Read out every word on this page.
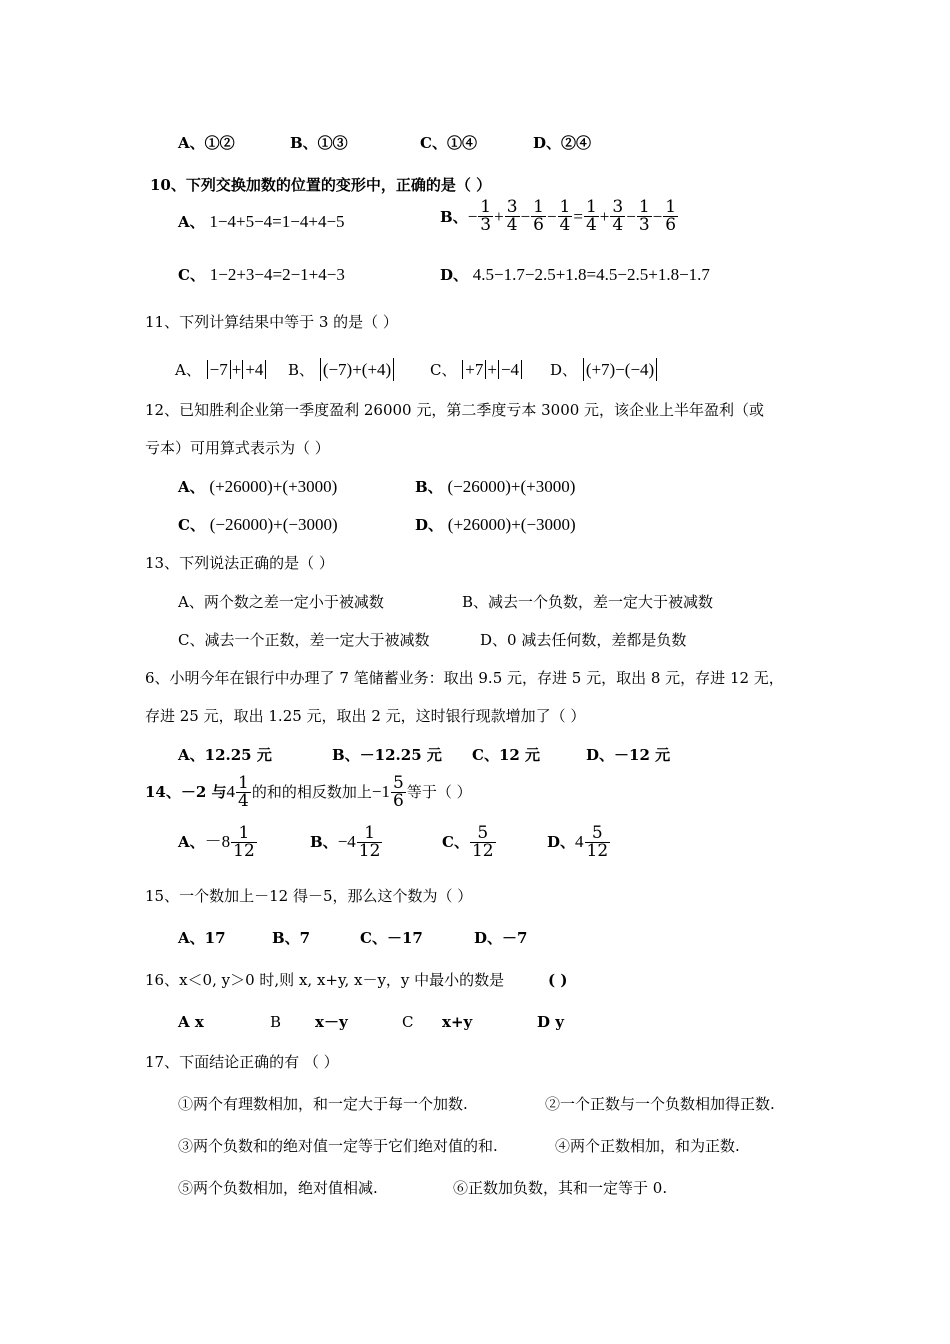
A、①②	B、①③	C、①④	D、②④
10、下列交换加数的位置的变形中，正确的是（ ）
A、 1−4+5−4=1−4+4−5	B、 − $\frac{1}{3} + \frac{3}{4} - \frac{1}{6} - \frac{1}{4} = \frac{1}{4} + \frac{3}{4} - \frac{1}{3} - \frac{1}{6}$
C、 1−2+3−4=2−1+4−3	D、 4.5−1.7−2.5+1.8=4.5−2.5+1.8−1.7
11、下列计算结果中等于 3 的是（ ）
A、 −7 + +4 B、 (−7)+(+4)	C、 +7 + −4 D、 (+7)−(−4)
12、已知胜利企业第一季度盈利 26000 元，第二季度亏本 3000 元，该企业上半年盈利（或
亏本）可用算式表示为（ ）
A、 (+26000)+(+3000)	B、 (−26000)+(+3000)
C、 (−26000)+(−3000)	D、 (+26000)+(−3000)
13、下列说法正确的是（ ）
A、两个数之差一定小于被减数	B、减去一个负数，差一定大于被减数
C、减去一个正数，差一定大于被减数	D、0 减去任何数，差都是负数
6、小明今年在银行中办理了 7 笔储蓄业务：取出 9.5 元，存进 5 元，取出 8 元，存进 12 无，
存进 25 元，取出 1.25 元，取出 2 元，这时银行现款增加了（ ）
A、12.25 元	B、－12.25 元 C、12 元	D、－12 元
14、 －2 与 $4 \frac{1}{4}$ 的和的相反数加上 $-1 \frac{5}{6}$ 等于（ ）
A、 $-8 \frac{1}{12}$	B、 $-4 \frac{1}{12}$	C、 $\frac{5}{12}$	D、 $4 \frac{5}{12}$
15、一个数加上－12 得－5，那么这个数为（ ）
A、17	B、7	C、－17	D、－7
16、x＜0, y＞0 时,则 x, x+y, x－y，y 中最小的数是	( )
A x	B x－y	C x+y	D y
17、下面结论正确的有 （ ）
①两个有理数相加，和一定大于每一个加数.	②一个正数与一个负数相加得正数.
③两个负数和的绝对值一定等于它们绝对值的和.	④两个正数相加，和为正数.
⑤两个负数相加，绝对值相减.	⑥正数加负数，其和一定等于 0.
